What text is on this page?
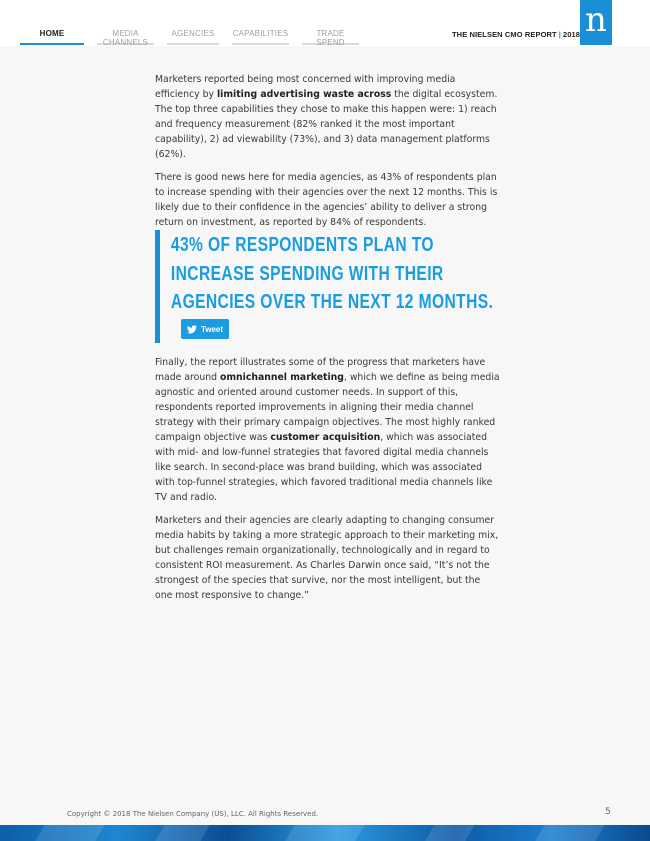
HOME	MEDIA CHANNELS
AGENCIES	CAPABILITIES	TRADE SPEND
THE NIELSEN CMO REPORT | 2018 n

Marketers reported being most concerned with improving media efficiency by limiting advertising waste across the digital ecosystem. The top three capabilities they chose to make this happen were: 1) reach and frequency measurement (82% ranked it the most important capability), 2) ad viewability (73%), and 3) data management platforms (62%).

There is good news here for media agencies, as 43% of respondents plan to increase spending with their agencies over the next 12 months. This is likely due to their confidence in the agencies’ ability to deliver a strong return on investment, as reported by 84% of respondents.

43% OF RESPONDENTS PLAN TO INCREASE SPENDING WITH THEIR AGENCIES OVER THE NEXT 12 MONTHS.

Tweet

Finally, the report illustrates some of the progress that marketers have made around omnichannel marketing, which we define as being media agnostic and oriented around customer needs. In support of this, respondents reported improvements in aligning their media channel strategy with their primary campaign objectives. The most highly ranked campaign objective was customer acquisition, which was associated with mid- and low-funnel strategies that favored digital media channels like search. In second-place was brand building, which was associated with top-funnel strategies, which favored traditional media channels like TV and radio.

Marketers and their agencies are clearly adapting to changing consumer media habits by taking a more strategic approach to their marketing mix, but challenges remain organizationally, technologically and in regard to consistent ROI measurement. As Charles Darwin once said, “It’s not the strongest of the species that survive, nor the most intelligent, but the one most responsive to change.”

Copyright © 2018 The Nielsen Company (US), LLC. All Rights Reserved.	5
